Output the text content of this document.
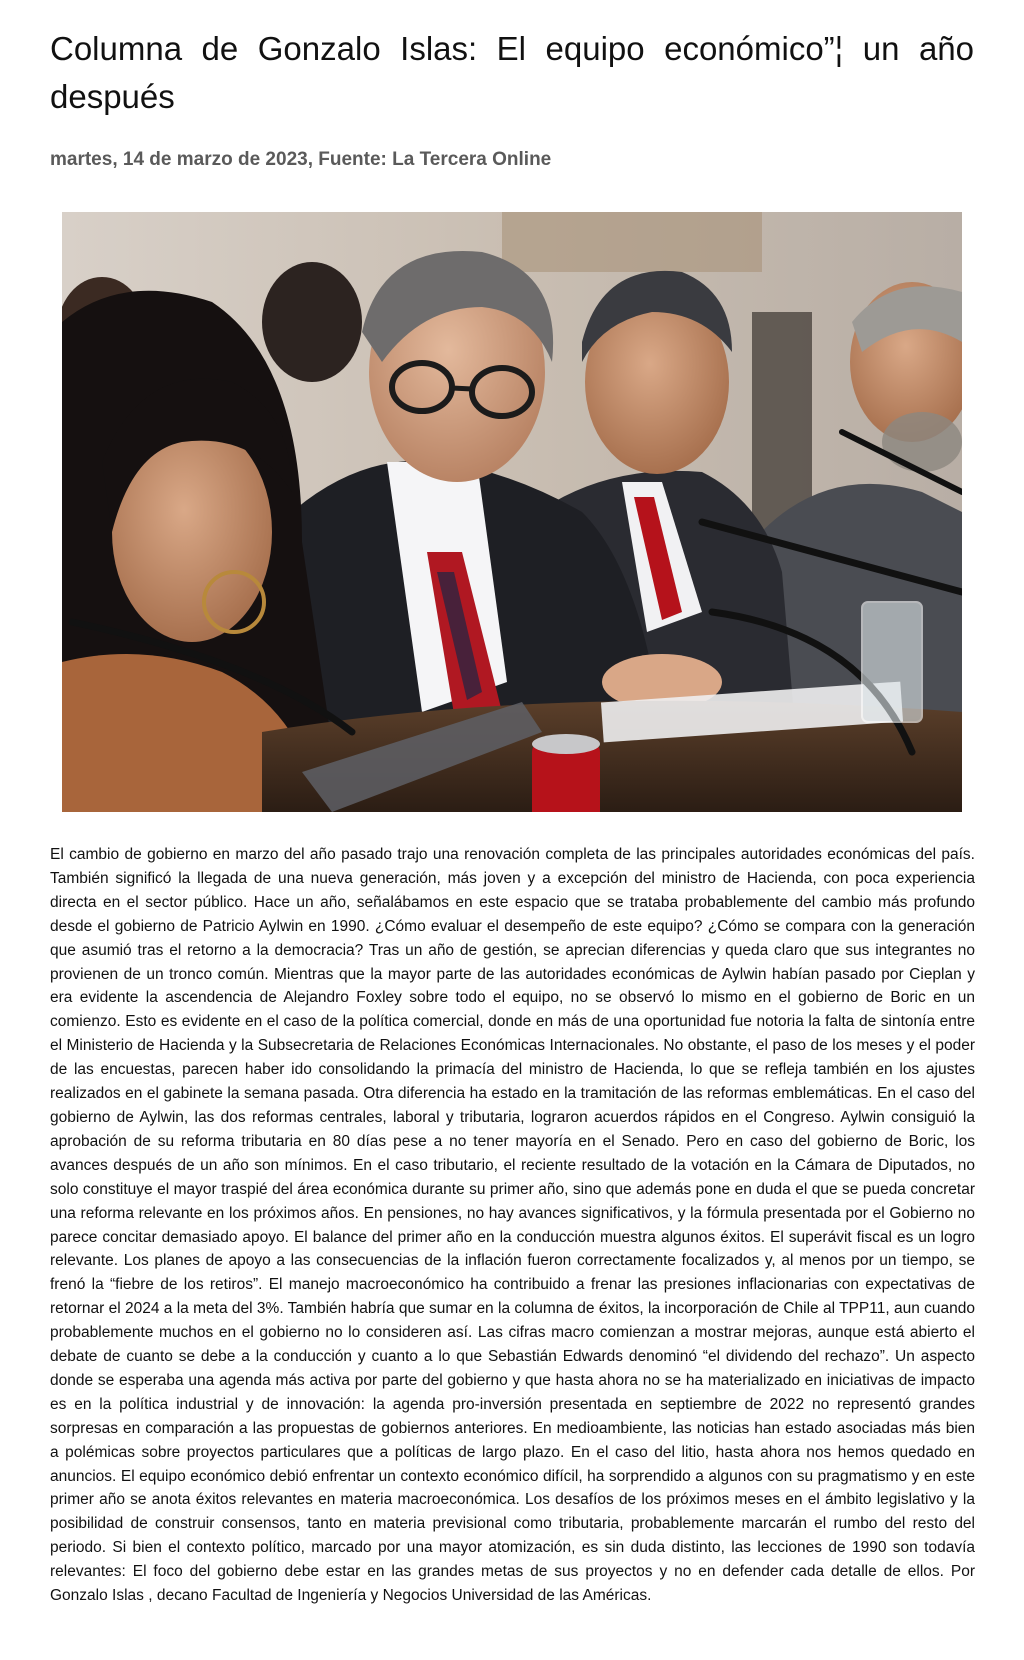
Columna de Gonzalo Islas: El equipo económico”¦ un año después

martes, 14 de marzo de 2023, Fuente: La Tercera Online

El cambio de gobierno en marzo del año pasado trajo una renovación completa de las principales autoridades económicas del país. También significó la llegada de una nueva generación, más joven y a excepción del ministro de Hacienda, con poca experiencia directa en el sector público. Hace un año, señalábamos en este espacio que se trataba probablemente del cambio más profundo desde el gobierno de Patricio Aylwin en 1990. ¿Cómo evaluar el desempeño de este equipo? ¿Cómo se compara con la generación que asumió tras el retorno a la democracia? Tras un año de gestión, se aprecian diferencias y queda claro que sus integrantes no provienen de un tronco común. Mientras que la mayor parte de las autoridades económicas de Aylwin habían pasado por Cieplan y era evidente la ascendencia de Alejandro Foxley sobre todo el equipo, no se observó lo mismo en el gobierno de Boric en un comienzo. Esto es evidente en el caso de la política comercial, donde en más de una oportunidad fue notoria la falta de sintonía entre el Ministerio de Hacienda y la Subsecretaria de Relaciones Económicas Internacionales. No obstante, el paso de los meses y el poder de las encuestas, parecen haber ido consolidando la primacía del ministro de Hacienda, lo que se refleja también en los ajustes realizados en el gabinete la semana pasada. Otra diferencia ha estado en la tramitación de las reformas emblemáticas. En el caso del gobierno de Aylwin, las dos reformas centrales, laboral y tributaria, lograron acuerdos rápidos en el Congreso. Aylwin consiguió la aprobación de su reforma tributaria en 80 días pese a no tener mayoría en el Senado. Pero en caso del gobierno de Boric, los avances después de un año son mínimos. En el caso tributario, el reciente resultado de la votación en la Cámara de Diputados, no solo constituye el mayor traspié del área económica durante su primer año, sino que además pone en duda el que se pueda concretar una reforma relevante en los próximos años. En pensiones, no hay avances significativos, y la fórmula presentada por el Gobierno no parece concitar demasiado apoyo. El balance del primer año en la conducción muestra algunos éxitos. El superávit fiscal es un logro relevante. Los planes de apoyo a las consecuencias de la inflación fueron correctamente focalizados y, al menos por un tiempo, se frenó la “fiebre de los retiros”. El manejo macroeconómico ha contribuido a frenar las presiones inflacionarias con expectativas de retornar el 2024 a la meta del 3%. También habría que sumar en la columna de éxitos, la incorporación de Chile al TPP11, aun cuando probablemente muchos en el gobierno no lo consideren así. Las cifras macro comienzan a mostrar mejoras, aunque está abierto el debate de cuanto se debe a la conducción y cuanto a lo que Sebastián Edwards denominó “el dividendo del rechazo”. Un aspecto donde se esperaba una agenda más activa por parte del gobierno y que hasta ahora no se ha materializado en iniciativas de impacto es en la política industrial y de innovación: la agenda pro-inversión presentada en septiembre de 2022 no representó grandes sorpresas en comparación a las propuestas de gobiernos anteriores. En medioambiente, las noticias han estado asociadas más bien a polémicas sobre proyectos particulares que a políticas de largo plazo. En el caso del litio, hasta ahora nos hemos quedado en anuncios. El equipo económico debió enfrentar un contexto económico difícil, ha sorprendido a algunos con su pragmatismo y en este primer año se anota éxitos relevantes en materia macroeconómica. Los desafíos de los próximos meses en el ámbito legislativo y la posibilidad de construir consensos, tanto en materia previsional como tributaria, probablemente marcarán el rumbo del resto del periodo. Si bien el contexto político, marcado por una mayor atomización, es sin duda distinto, las lecciones de 1990 son todavía relevantes: El foco del gobierno debe estar en las grandes metas de sus proyectos y no en defender cada detalle de ellos. Por Gonzalo Islas , decano Facultad de Ingeniería y Negocios Universidad de las Américas.
